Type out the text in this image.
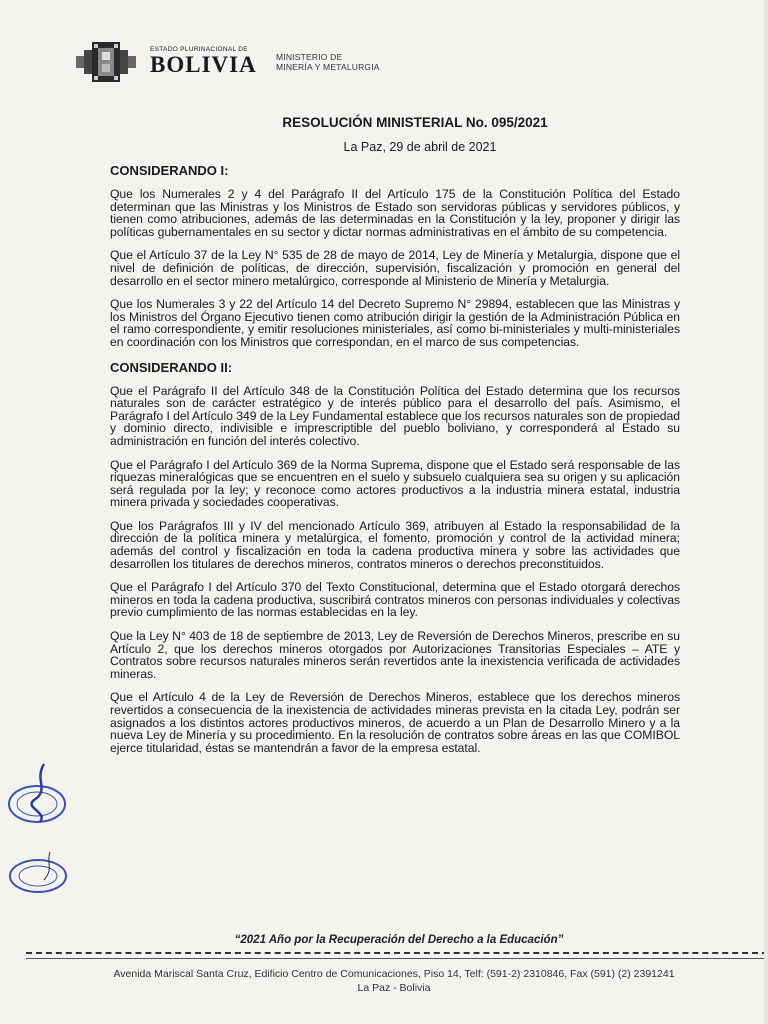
ESTADO PLURINACIONAL DE
BOLIVIA MINISTERIO DE
MINERÍA Y METALURGIA
RESOLUCIÓN MINISTERIAL No. 095/2021
La Paz, 29 de abril de 2021
CONSIDERANDO I:

Que los Numerales 2 y 4 del Parágrafo II del Artículo 175 de la Constitución Política del Estado determinan que las Ministras y los Ministros de Estado son servidoras públicas y servidores públicos, y tienen como atribuciones, además de las determinadas en la Constitución y la ley, proponer y dirigir las políticas gubernamentales en su sector y dictar normas administrativas en el ámbito de su competencia.

Que el Artículo 37 de la Ley N° 535 de 28 de mayo de 2014, Ley de Minería y Metalurgia, dispone que el nivel de definición de políticas, de dirección, supervisión, fiscalización y promoción en general del desarrollo en el sector minero metalúrgico, corresponde al Ministerio de Minería y Metalurgia.

Que los Numerales 3 y 22 del Artículo 14 del Decreto Supremo N° 29894, establecen que las Ministras y los Ministros del Órgano Ejecutivo tienen como atribución dirigir la gestión de la Administración Pública en el ramo correspondiente, y emitir resoluciones ministeriales, así como bi-ministeriales y multi-ministeriales en coordinación con los Ministros que correspondan, en el marco de sus competencias.

CONSIDERANDO II:

Que el Parágrafo II del Artículo 348 de la Constitución Política del Estado determina que los recursos naturales son de carácter estratégico y de interés público para el desarrollo del país. Asimismo, el Parágrafo I del Artículo 349 de la Ley Fundamental establece que los recursos naturales son de propiedad y dominio directo, indivisible e imprescriptible del pueblo boliviano, y corresponderá al Estado su administración en función del interés colectivo.

Que el Parágrafo I del Artículo 369 de la Norma Suprema, dispone que el Estado será responsable de las riquezas mineralógicas que se encuentren en el suelo y subsuelo cualquiera sea su origen y su aplicación será regulada por la ley; y reconoce como actores productivos a la industria minera estatal, industria minera privada y sociedades cooperativas.

Que los Parágrafos III y IV del mencionado Artículo 369, atribuyen al Estado la responsabilidad de la dirección de la política minera y metalúrgica, el fomento, promoción y control de la actividad minera; además del control y fiscalización en toda la cadena productiva minera y sobre las actividades que desarrollen los titulares de derechos mineros, contratos mineros o derechos preconstituidos.

Que el Parágrafo I del Artículo 370 del Texto Constitucional, determina que el Estado otorgará derechos mineros en toda la cadena productiva, suscribirá contratos mineros con personas individuales y colectivas previo cumplimiento de las normas establecidas en la ley.

Que la Ley N° 403 de 18 de septiembre de 2013, Ley de Reversión de Derechos Mineros, prescribe en su Artículo 2, que los derechos mineros otorgados por Autorizaciones Transitorias Especiales – ATE y Contratos sobre recursos naturales mineros serán revertidos ante la inexistencia verificada de actividades mineras.

Que el Artículo 4 de la Ley de Reversión de Derechos Mineros, establece que los derechos mineros revertidos a consecuencia de la inexistencia de actividades mineras prevista en la citada Ley, podrán ser asignados a los distintos actores productivos mineros, de acuerdo a un Plan de Desarrollo Minero y a la nueva Ley de Minería y su procedimiento. En la resolución de contratos sobre áreas en las que COMIBOL ejerce titularidad, éstas se mantendrán a favor de la empresa estatal.

“2021 Año por la Recuperación del Derecho a la Educación”
Avenida Mariscal Santa Cruz, Edificio Centro de Comunicaciones, Piso 14, Telf: (591-2) 2310846, Fax (591) (2) 2391241
La Paz - Bolivia
